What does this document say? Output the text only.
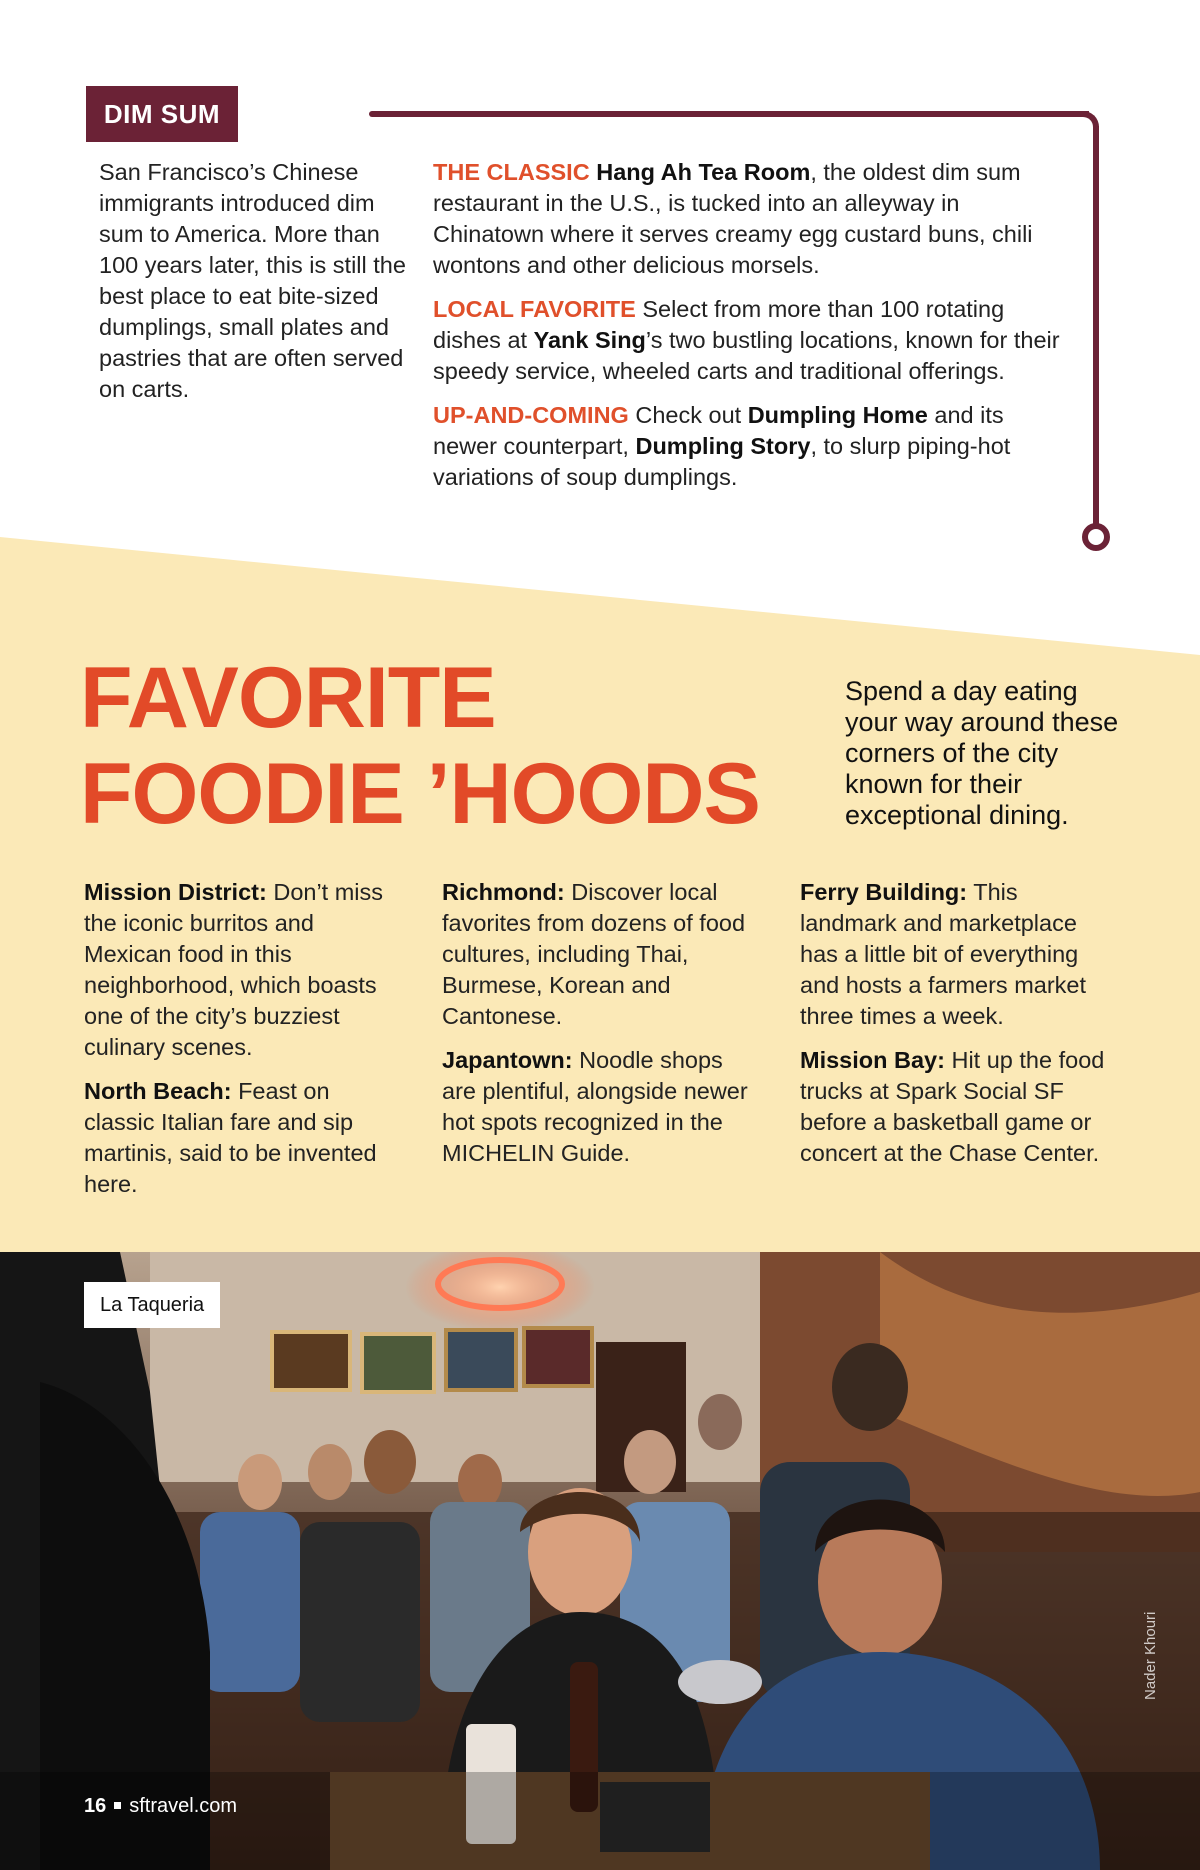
DIM SUM
San Francisco’s Chinese immigrants introduced dim sum to America. More than 100 years later, this is still the best place to eat bite-sized dumplings, small plates and pastries that are often served on carts.

THE CLASSIC Hang Ah Tea Room, the oldest dim sum restaurant in the U.S., is tucked into an alleyway in Chinatown where it serves creamy egg custard buns, chili wontons and other delicious morsels.

LOCAL FAVORITE Select from more than 100 rotating dishes at Yank Sing’s two bustling locations, known for their speedy service, wheeled carts and traditional offerings.

UP-AND-COMING Check out Dumpling Home and its newer counterpart, Dumpling Story, to slurp piping-hot variations of soup dumplings.

FAVORITE
FOODIE ’HOODS
Spend a day eating your way around these corners of the city known for their exceptional dining.

Mission District: Don’t miss the iconic burritos and Mexican food in this neighborhood, which boasts one of the city’s buzziest culinary scenes.

North Beach: Feast on classic Italian fare and sip martinis, said to be invented here.

Richmond: Discover local favorites from dozens of food cultures, including Thai, Burmese, Korean and Cantonese.

Japantown: Noodle shops are plentiful, alongside newer hot spots recognized in the MICHELIN Guide.

Ferry Building: This landmark and marketplace has a little bit of everything and hosts a farmers market three times a week.

Mission Bay: Hit up the food trucks at Spark Social SF before a basketball game or concert at the Chase Center.

La Taqueria
Nader Khouri
16 sftravel.com
